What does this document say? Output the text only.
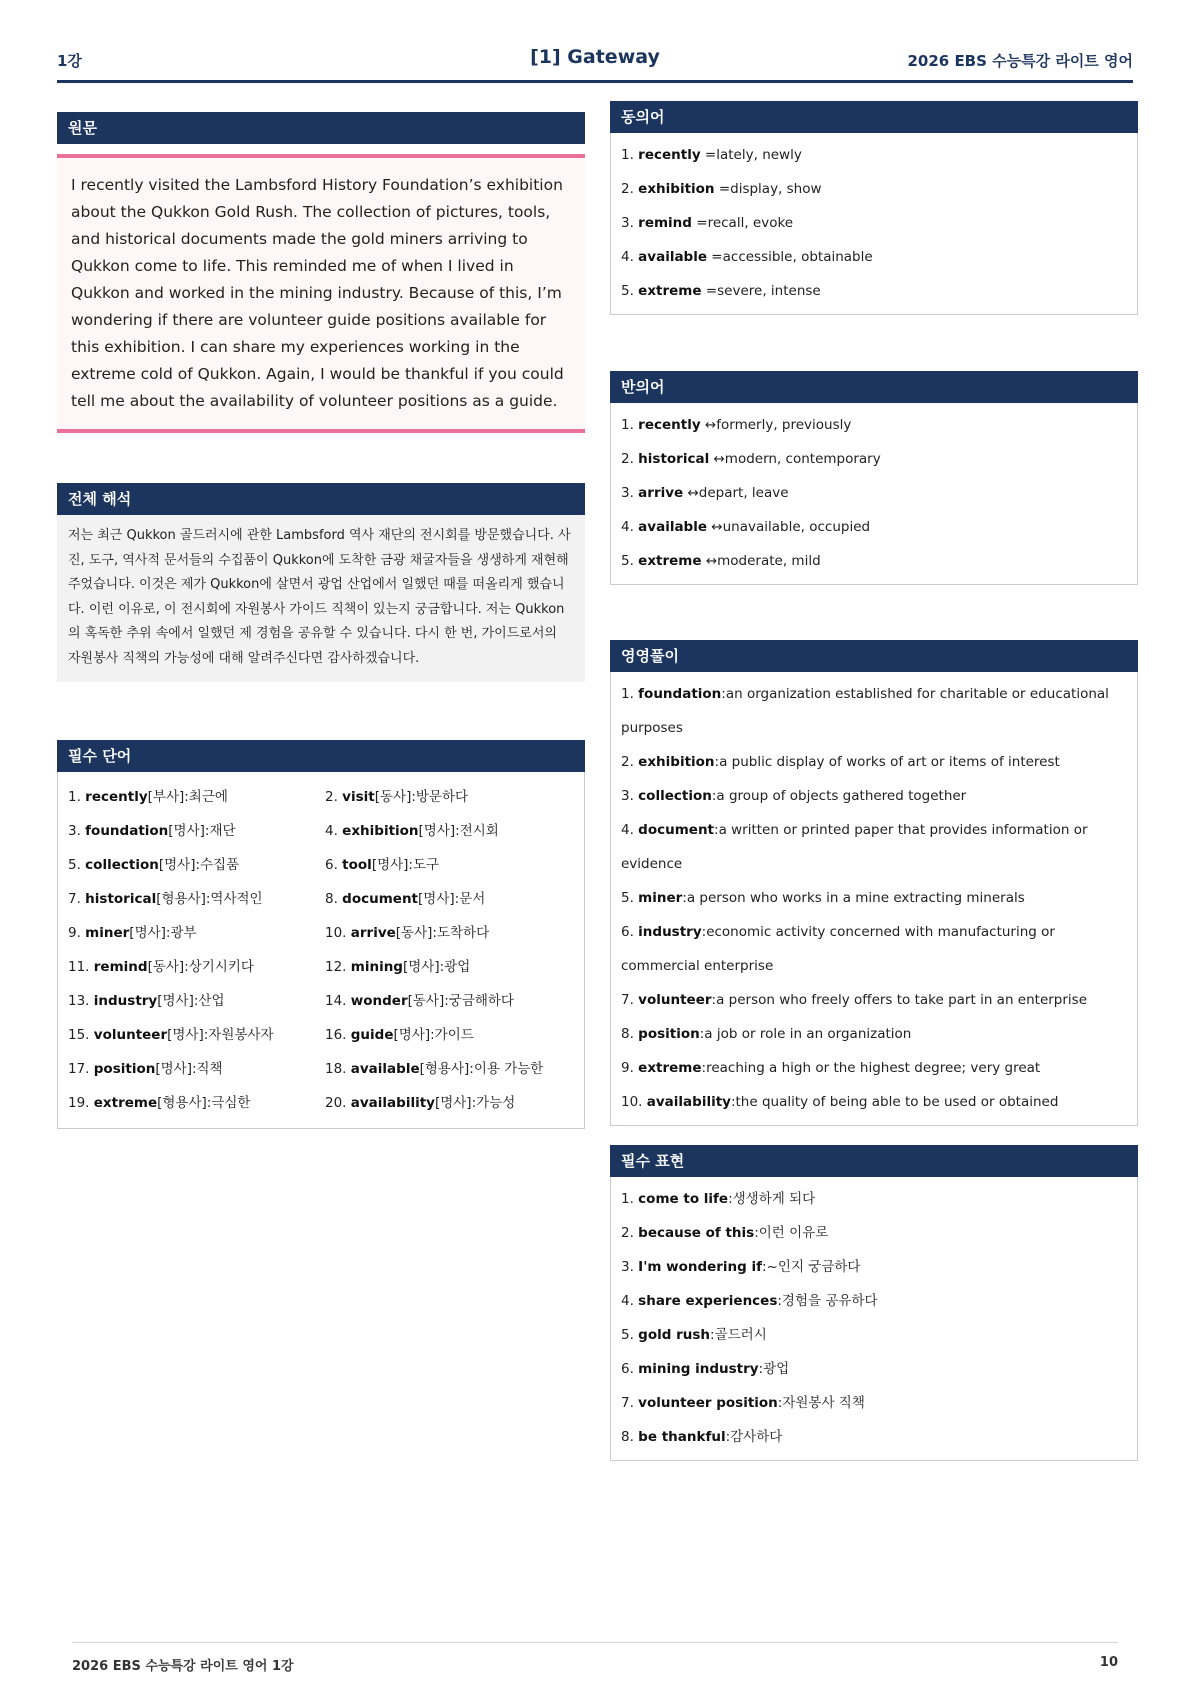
1강	[1] Gateway	2026 EBS 수능특강 라이트 영어
원문
I recently visited the Lambsford History Foundation’s exhibition about the Qukkon Gold Rush. The collection of pictures, tools, and historical documents made the gold miners arriving to Qukkon come to life. This reminded me of when I lived in Qukkon and worked in the mining industry. Because of this, I’m wondering if there are volunteer guide positions available for this exhibition. I can share my experiences working in the extreme cold of Qukkon. Again, I would be thankful if you could tell me about the availability of volunteer positions as a guide.
전체 해석
저는 최근 Qukkon 골드러시에 관한 Lambsford 역사 재단의 전시회를 방문했습니다. 사진, 도구, 역사적 문서들의 수집품이 Qukkon에 도착한 금광 채굴자들을 생생하게 재현해 주었습니다. 이것은 제가 Qukkon에 살면서 광업 산업에서 일했던 때를 떠올리게 했습니다. 이런 이유로, 이 전시회에 자원봉사 가이드 직책이 있는지 궁금합니다. 저는 Qukkon의 혹독한 추위 속에서 일했던 제 경험을 공유할 수 있습니다. 다시 한 번, 가이드로서의 자원봉사 직책의 가능성에 대해 알려주신다면 감사하겠습니다.
필수 단어
1. recently[부사]:최근에	2. visit[동사]:방문하다
3. foundation[명사]:재단	4. exhibition[명사]:전시회
5. collection[명사]:수집품	6. tool[명사]:도구
7. historical[형용사]:역사적인	8. document[명사]:문서
9. miner[명사]:광부	10. arrive[동사]:도착하다
11. remind[동사]:상기시키다	12. mining[명사]:광업
13. industry[명사]:산업	14. wonder[동사]:궁금해하다
15. volunteer[명사]:자원봉사자	16. guide[명사]:가이드
17. position[명사]:직책	18. available[형용사]:이용 가능한
19. extreme[형용사]:극심한	20. availability[명사]:가능성
동의어
1. recently =lately, newly
2. exhibition =display, show
3. remind =recall, evoke
4. available =accessible, obtainable
5. extreme =severe, intense
반의어
1. recently ↔formerly, previously
2. historical ↔modern, contemporary
3. arrive ↔depart, leave
4. available ↔unavailable, occupied
5. extreme ↔moderate, mild
영영풀이
1. foundation:an organization established for charitable or educational purposes
2. exhibition:a public display of works of art or items of interest
3. collection:a group of objects gathered together
4. document:a written or printed paper that provides information or evidence
5. miner:a person who works in a mine extracting minerals
6. industry:economic activity concerned with manufacturing or commercial enterprise
7. volunteer:a person who freely offers to take part in an enterprise
8. position:a job or role in an organization
9. extreme:reaching a high or the highest degree; very great
10. availability:the quality of being able to be used or obtained
필수 표현
1. come to life:생생하게 되다
2. because of this:이런 이유로
3. I'm wondering if:~인지 궁금하다
4. share experiences:경험을 공유하다
5. gold rush:골드러시
6. mining industry:광업
7. volunteer position:자원봉사 직책
8. be thankful:감사하다
2026 EBS 수능특강 라이트 영어 1강	10
